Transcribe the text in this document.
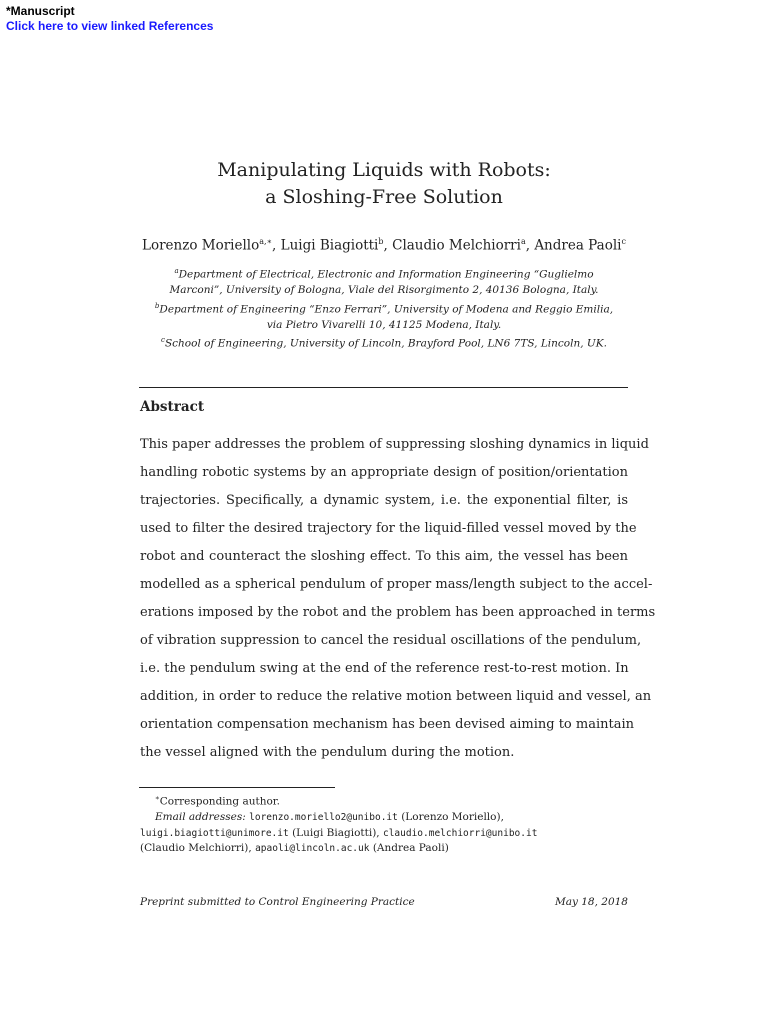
*Manuscript
Click here to view linked References
Manipulating Liquids with Robots:
a Sloshing-Free Solution
Lorenzo Moriello$^{a,∗}$, Luigi Biagiotti$^b$, Claudio Melchiorri$^a$, Andrea Paoli$^c$
$^a$Department of Electrical, Electronic and Information Engineering “Guglielmo
Marconi”, University of Bologna, Viale del Risorgimento 2, 40136 Bologna, Italy.
$^b$Department of Engineering “Enzo Ferrari”, University of Modena and Reggio Emilia,
via Pietro Vivarelli 10, 41125 Modena, Italy.
$^c$School of Engineering, University of Lincoln, Brayford Pool, LN6 7TS, Lincoln, UK.
Abstract
This paper addresses the problem of suppressing sloshing dynamics in liquid
handling robotic systems by an appropriate design of position/orientation
trajectories. Specifically, a dynamic system, i.e. the exponential filter, is
used to filter the desired trajectory for the liquid-filled vessel moved by the
robot and counteract the sloshing effect. To this aim, the vessel has been
modelled as a spherical pendulum of proper mass/length subject to the accel-
erations imposed by the robot and the problem has been approached in terms
of vibration suppression to cancel the residual oscillations of the pendulum,
i.e. the pendulum swing at the end of the reference rest-to-rest motion. In
addition, in order to reduce the relative motion between liquid and vessel, an
orientation compensation mechanism has been devised aiming to maintain
the vessel aligned with the pendulum during the motion.
∗Corresponding author.
Email addresses: lorenzo.moriello2@unibo.it (Lorenzo Moriello),
luigi.biagiotti@unimore.it (Luigi Biagiotti), claudio.melchiorri@unibo.it
(Claudio Melchiorri), apaoli@lincoln.ac.uk (Andrea Paoli)
Preprint submitted to Control Engineering Practice	May 18, 2018
